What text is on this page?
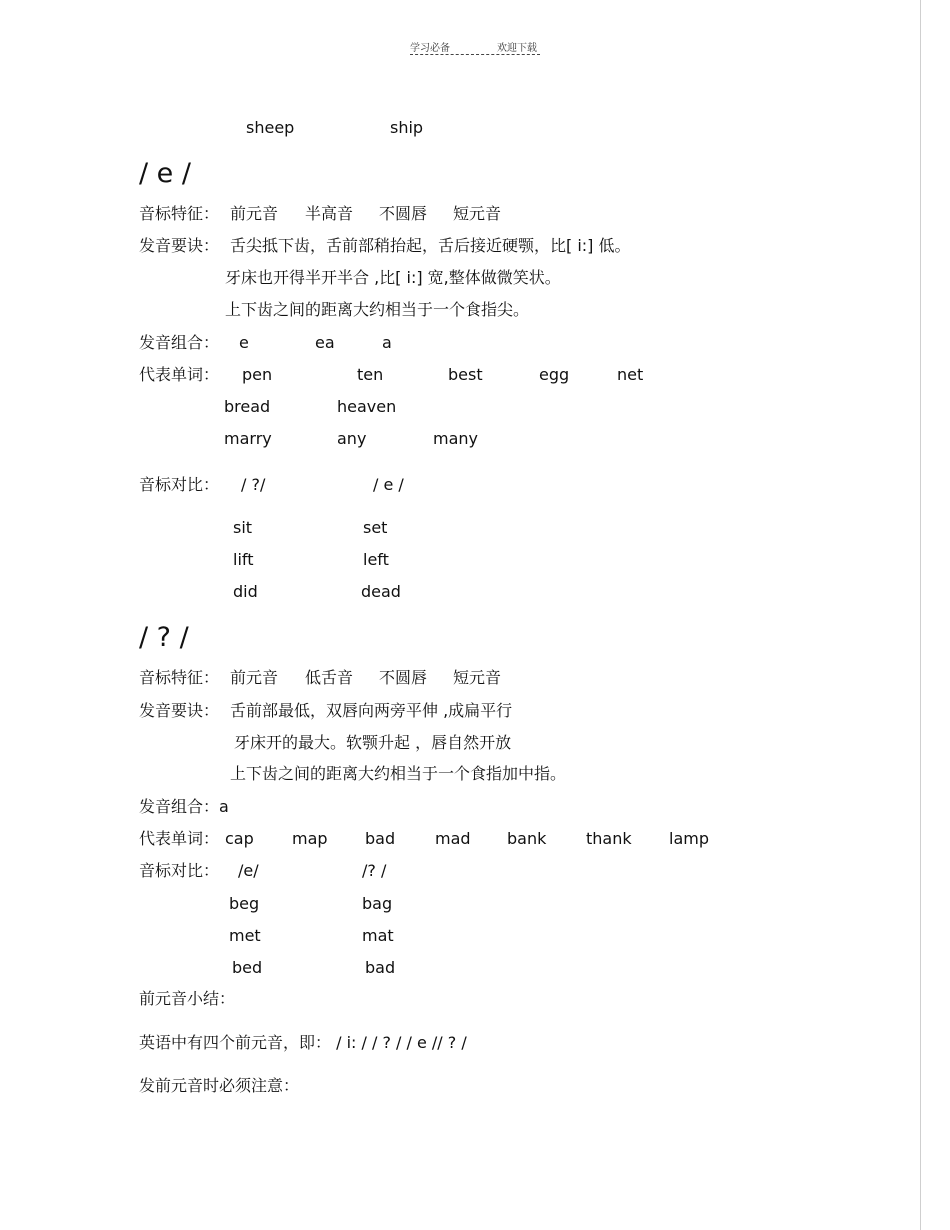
学习必备	欢迎下载
sheep	ship
/ e /
音标特征： 前元音 半高音 不圆唇 短元音
发音要诀： 舌尖抵下齿，舌前部稍抬起，舌后接近硬颚，比[ i:] 低。
牙床也开得半开半合 ,比[ i:] 宽,整体做微笑状。
上下齿之间的距离大约相当于一个食指尖。
发音组合： e	ea	a
代表单词： pen	ten	best	egg	net
bread	heaven
marry	any	many
音标对比： / ?/	/ e /
sit	set
lift	left
did	dead
/ ? /
音标特征： 前元音 低舌音 不圆唇 短元音
发音要诀： 舌前部最低，双唇向两旁平伸 ,成扁平行
牙床开的最大。软颚升起 ，唇自然开放
上下齿之间的距离大约相当于一个食指加中指。
发音组合：a
代表单词： cap map bad mad bank thank lamp
音标对比： /e/	/? /
beg	bag
met	mat
bed	bad
前元音小结：
英语中有四个前元音，即： / i: / / ? / / e // ? /
发前元音时必须注意：
